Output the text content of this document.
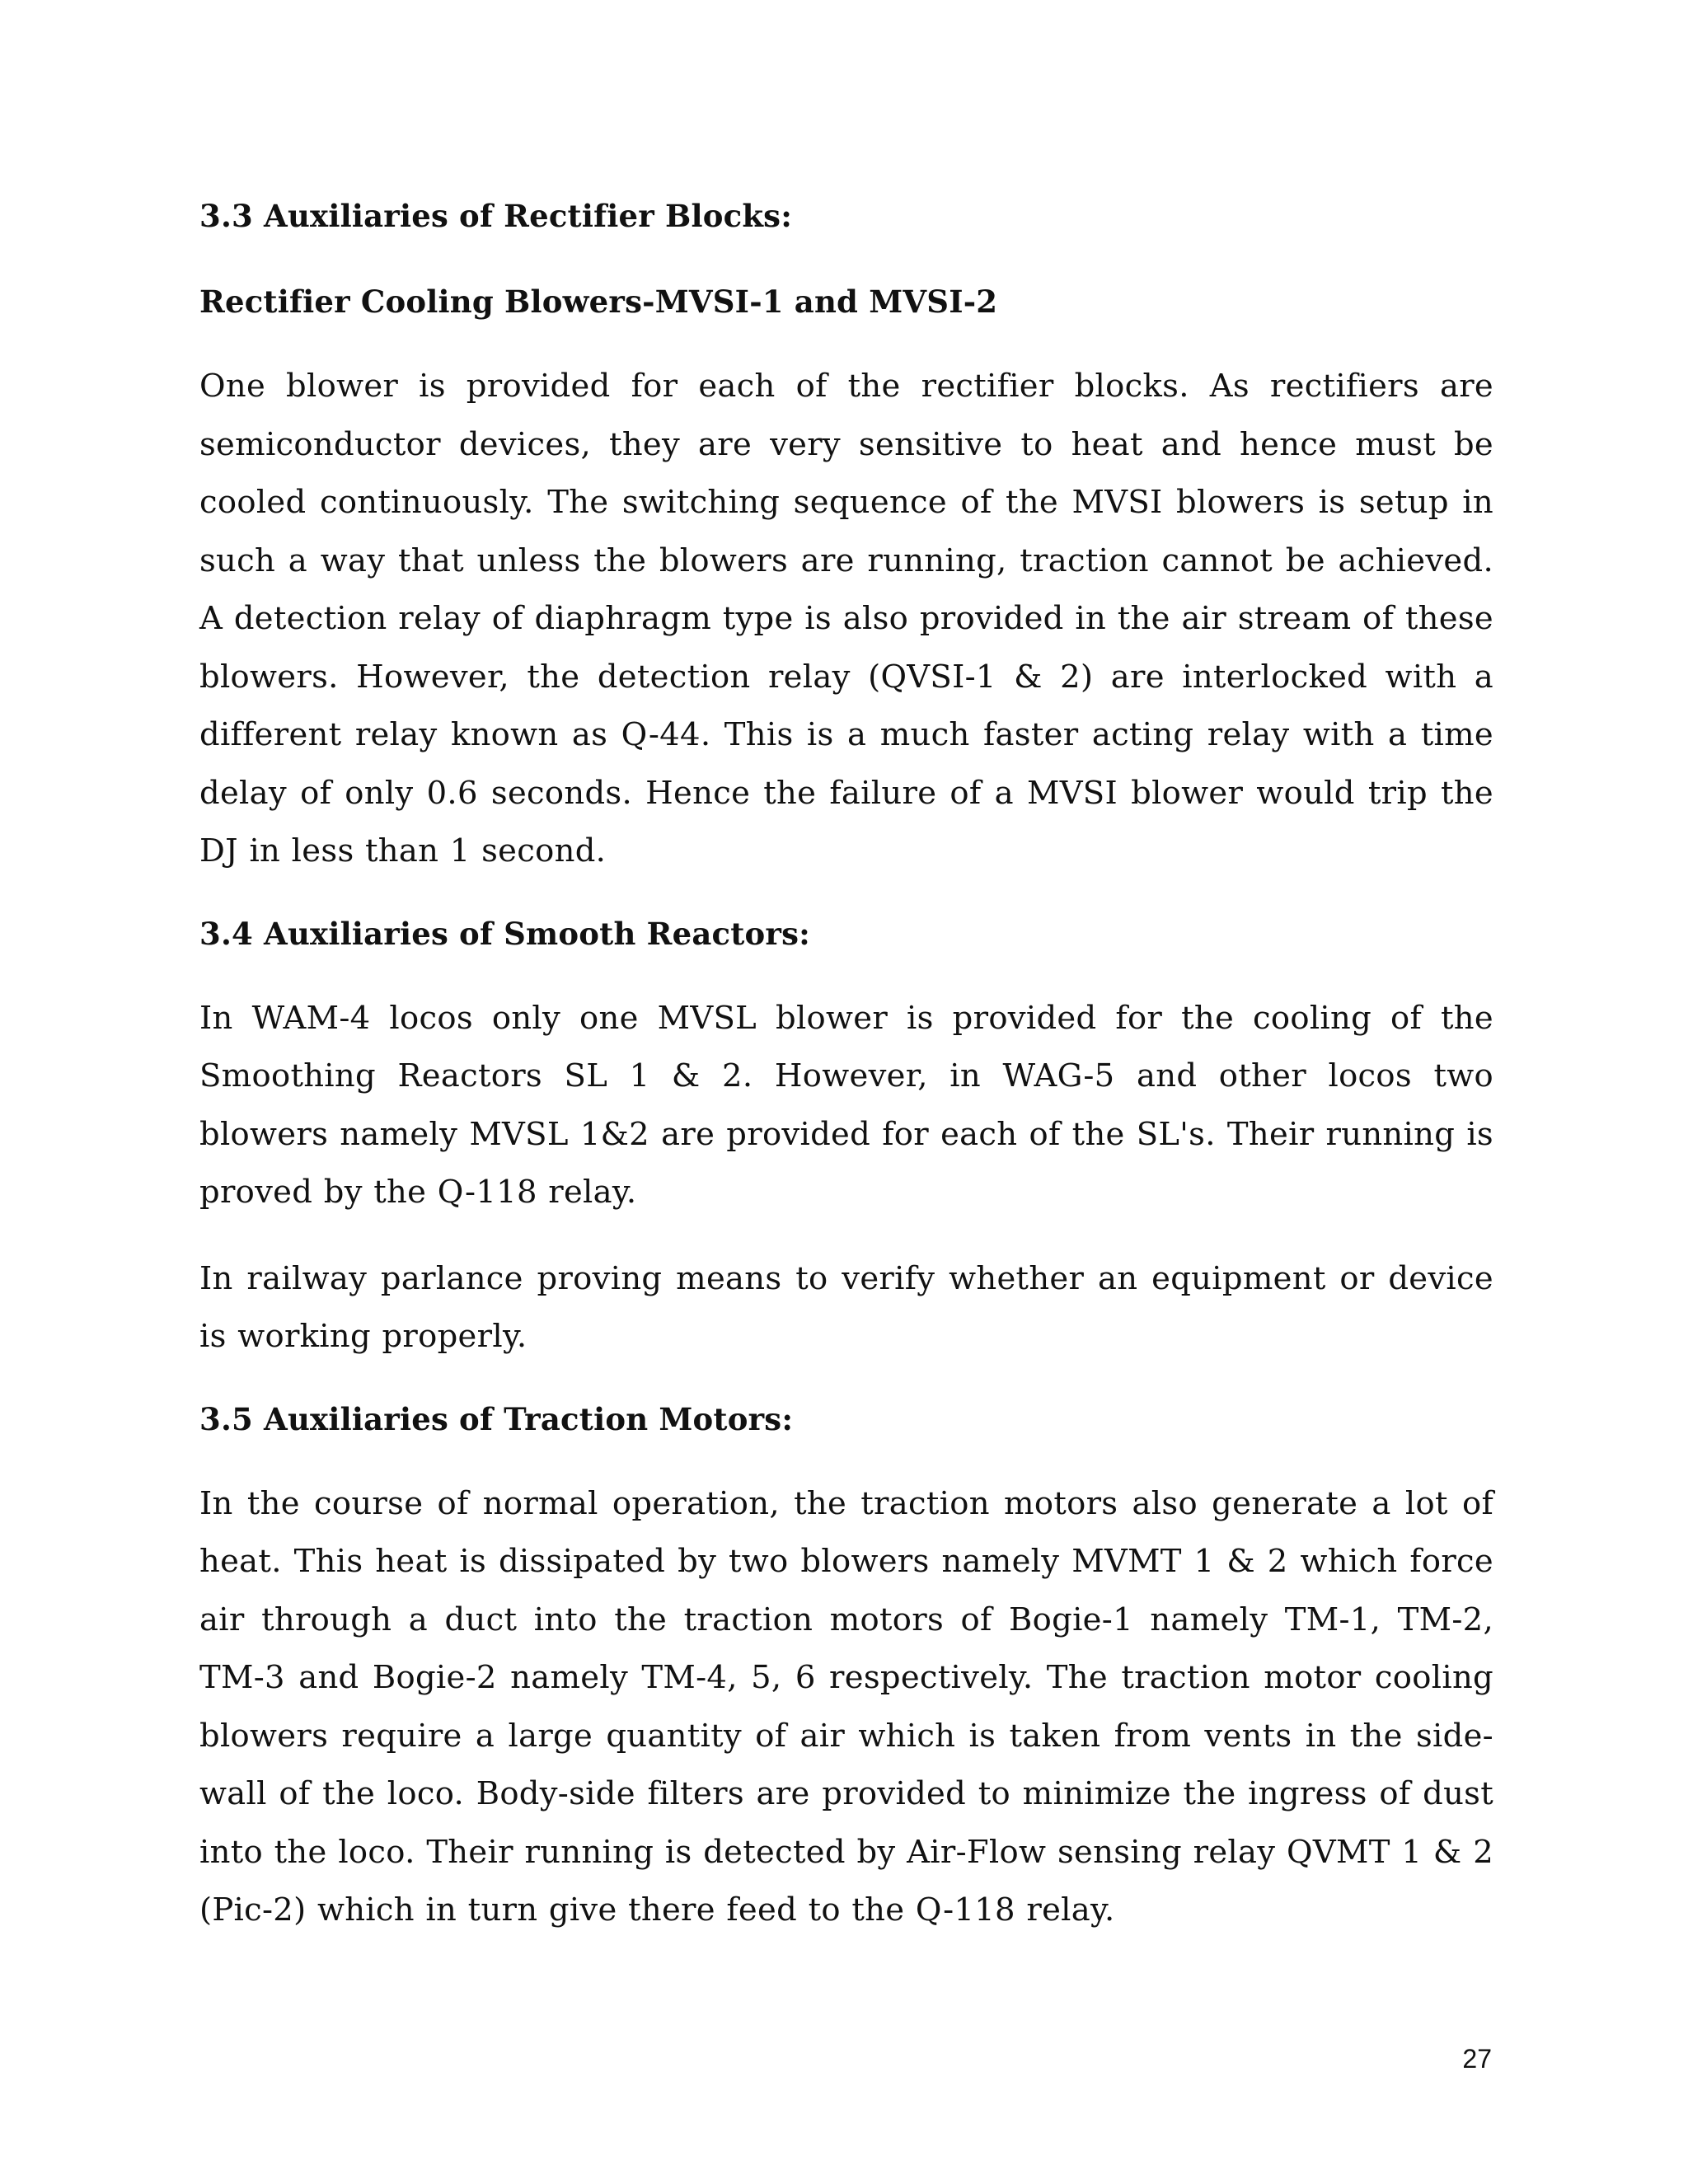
3.3 Auxiliaries of Rectifier Blocks:
Rectifier Cooling Blowers-MVSI-1 and MVSI-2

One blower is provided for each of the rectifier blocks. As rectifiers are semiconductor devices, they are very sensitive to heat and hence must be cooled continuously. The switching sequence of the MVSI blowers is setup in such a way that unless the blowers are running, traction cannot be achieved. A detection relay of diaphragm type is also provided in the air stream of these blowers. However, the detection relay (QVSI-1 & 2) are interlocked with a different relay known as Q-44. This is a much faster acting relay with a time delay of only 0.6 seconds. Hence the failure of a MVSI blower would trip the DJ in less than 1 second.

3.4 Auxiliaries of Smooth Reactors:

In WAM-4 locos only one MVSL blower is provided for the cooling of the Smoothing Reactors SL 1 & 2. However, in WAG-5 and other locos two blowers namely MVSL 1&2 are provided for each of the SL's. Their running is proved by the Q-118 relay.

In railway parlance proving means to verify whether an equipment or device is working properly.

3.5 Auxiliaries of Traction Motors:

In the course of normal operation, the traction motors also generate a lot of heat. This heat is dissipated by two blowers namely MVMT 1 & 2 which force air through a duct into the traction motors of Bogie-1 namely TM-1, TM-2, TM-3 and Bogie-2 namely TM-4, 5, 6 respectively. The traction motor cooling blowers require a large quantity of air which is taken from vents in the side-wall of the loco. Body-side filters are provided to minimize the ingress of dust into the loco. Their running is detected by Air-Flow sensing relay QVMT 1 & 2 (Pic-2) which in turn give there feed to the Q-118 relay.

27
